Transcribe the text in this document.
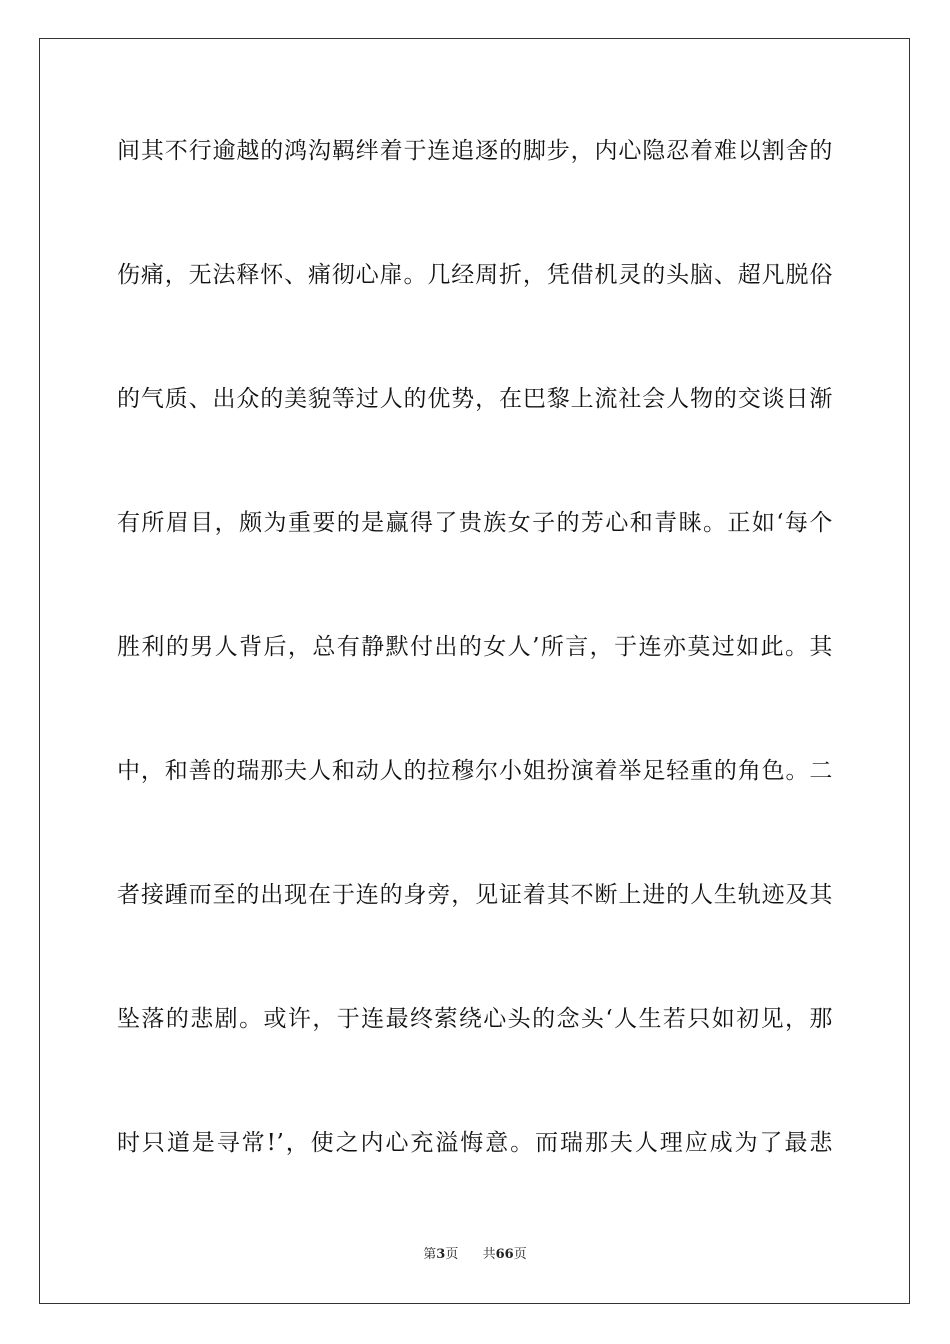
间其不行逾越的鸿沟羁绊着于连追逐的脚步，内心隐忍着难以割舍的
伤痛，无法释怀、痛彻心扉。几经周折，凭借机灵的头脑、超凡脱俗
的气质、出众的美貌等过人的优势，在巴黎上流社会人物的交谈日渐
有所眉目，颇为重要的是赢得了贵族女子的芳心和青睐。正如‘每个
胜利的男人背后，总有静默付出的女人’所言，于连亦莫过如此。其
中，和善的瑞那夫人和动人的拉穆尔小姐扮演着举足轻重的角色。二
者接踵而至的出现在于连的身旁，见证着其不断上进的人生轨迹及其
坠落的悲剧。或许，于连最终萦绕心头的念头‘人生若只如初见，那
时只道是寻常!’，使之内心充溢悔意。而瑞那夫人理应成为了最悲
第3页 共66页
